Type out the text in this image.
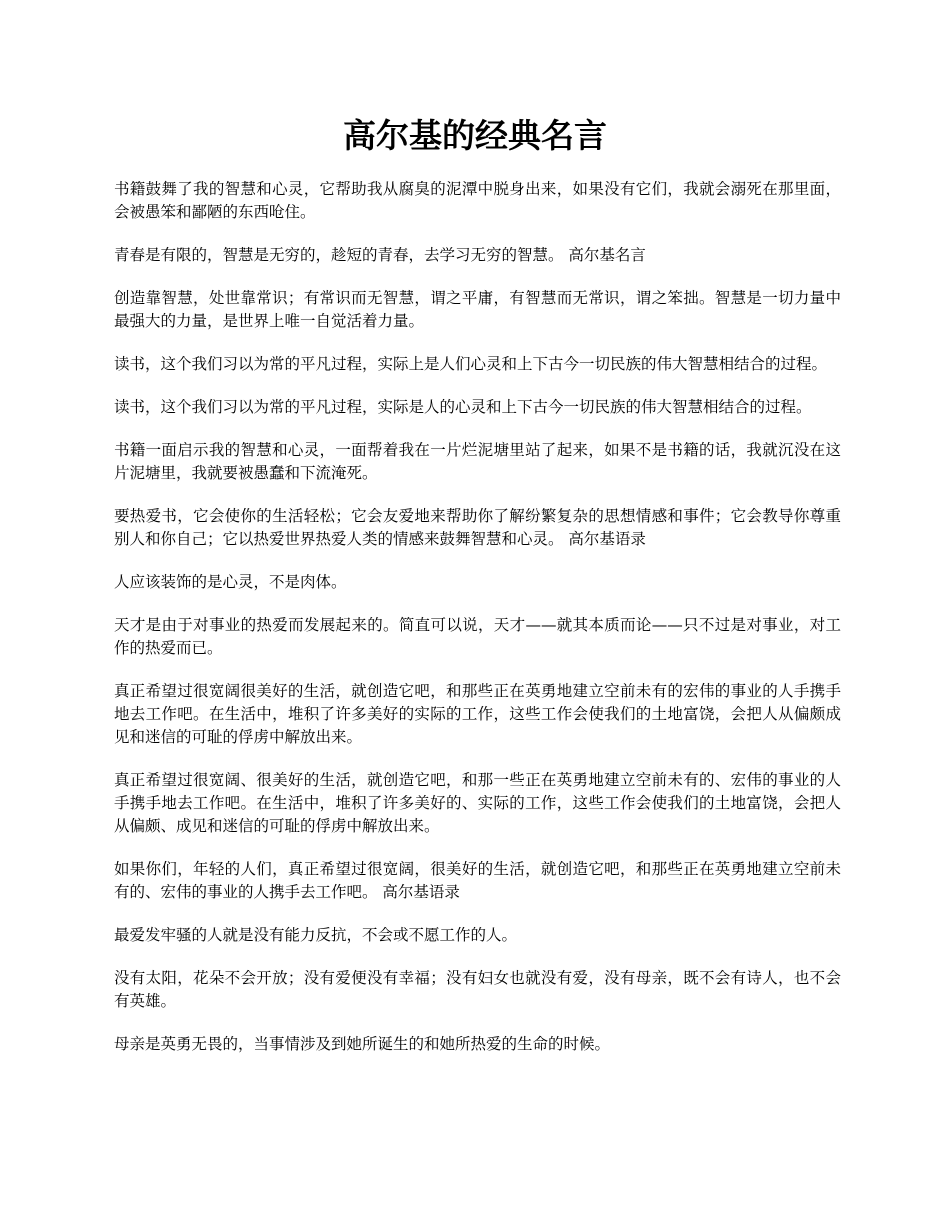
高尔基的经典名言

书籍鼓舞了我的智慧和心灵，它帮助我从腐臭的泥潭中脱身出来，如果没有它们，我就会溺死在那里面，会被愚笨和鄙陋的东西呛住。

青春是有限的，智慧是无穷的，趁短的青春，去学习无穷的智慧。 高尔基名言

创造靠智慧，处世靠常识；有常识而无智慧，谓之平庸，有智慧而无常识，谓之笨拙。智慧是一切力量中最强大的力量，是世界上唯一自觉活着力量。

读书，这个我们习以为常的平凡过程，实际上是人们心灵和上下古今一切民族的伟大智慧相结合的过程。

读书，这个我们习以为常的平凡过程，实际是人的心灵和上下古今一切民族的伟大智慧相结合的过程。

书籍一面启示我的智慧和心灵，一面帮着我在一片烂泥塘里站了起来，如果不是书籍的话，我就沉没在这片泥塘里，我就要被愚蠢和下流淹死。

要热爱书，它会使你的生活轻松；它会友爱地来帮助你了解纷繁复杂的思想情感和事件；它会教导你尊重别人和你自己；它以热爱世界热爱人类的情感来鼓舞智慧和心灵。 高尔基语录

人应该装饰的是心灵，不是肉体。

天才是由于对事业的热爱而发展起来的。简直可以说，天才——就其本质而论——只不过是对事业，对工作的热爱而已。

真正希望过很宽阔很美好的生活，就创造它吧，和那些正在英勇地建立空前未有的宏伟的事业的人手携手地去工作吧。在生活中，堆积了许多美好的实际的工作，这些工作会使我们的土地富饶，会把人从偏颇成见和迷信的可耻的俘虏中解放出来。

真正希望过很宽阔、很美好的生活，就创造它吧，和那一些正在英勇地建立空前未有的、宏伟的事业的人手携手地去工作吧。在生活中，堆积了许多美好的、实际的工作，这些工作会使我们的土地富饶，会把人从偏颇、成见和迷信的可耻的俘虏中解放出来。

如果你们，年轻的人们，真正希望过很宽阔，很美好的生活，就创造它吧，和那些正在英勇地建立空前未有的、宏伟的事业的人携手去工作吧。 高尔基语录

最爱发牢骚的人就是没有能力反抗，不会或不愿工作的人。

没有太阳，花朵不会开放；没有爱便没有幸福；没有妇女也就没有爱，没有母亲，既不会有诗人，也不会有英雄。

母亲是英勇无畏的，当事情涉及到她所诞生的和她所热爱的生命的时候。
